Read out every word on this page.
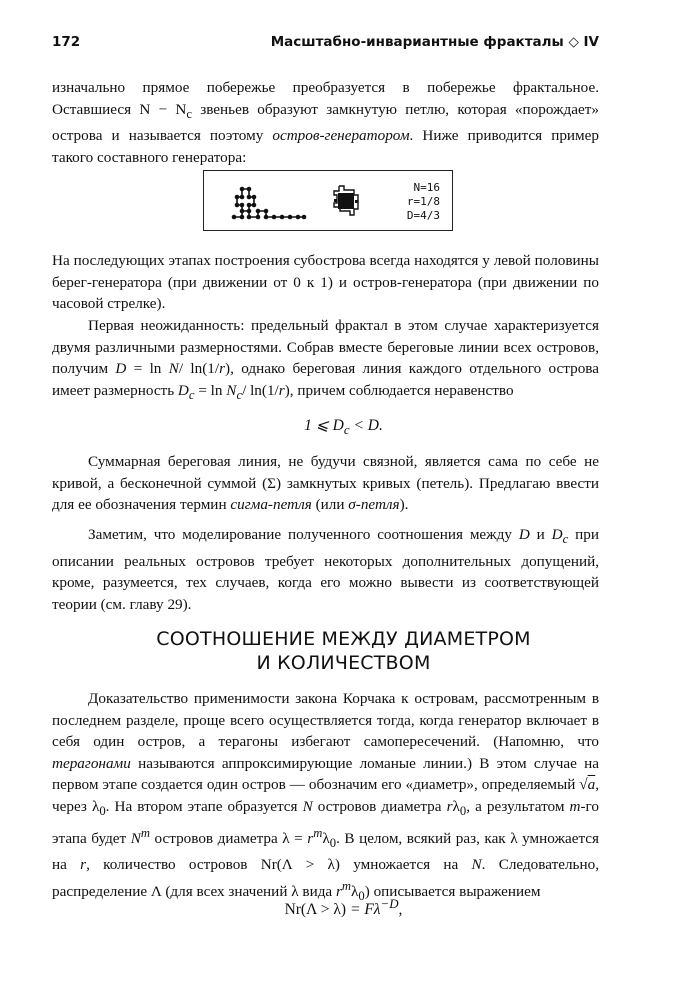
172	Масштабно-инвариантные фракталы ◇ IV

изначально прямое побережье преобразуется в побережье фрактальное. Оставшиеся $N - N_c$ звеньев образуют замкнутую петлю, которая «порождает» острова и называется поэтому остров-генератором. Ниже приводится пример такого составного генератора:

N=16
r=1/8
D=4/3

На последующих этапах построения субострова всегда находятся у левой половины берег-генератора (при движении от 0 к 1) и остров-генератора (при движении по часовой стрелке).

Первая неожиданность: предельный фрактал в этом случае характеризуется двумя различными размерностями. Собрав вместе береговые линии всех островов, получим D = ln N/ ln(1/r), однако береговая линия каждого отдельного острова имеет размерность $D_c = \ln N_c/$ ln(1/r), причем соблюдается неравенство

1 ⩽ $D_c < D$.

Суммарная береговая линия, не будучи связной, является сама по себе не кривой, а бесконечной суммой (Σ) замкнутых кривых (петель). Предлагаю ввести для ее обозначения термин сигма-петля (или σ-петля).

Заметим, что моделирование полученного соотношения между D и $D_c$ при описании реальных островов требует некоторых дополнительных допущений, кроме, разумеется, тех случаев, когда его можно вывести из соответствующей теории (см. главу 29).

СООТНОШЕНИЕ МЕЖДУ ДИАМЕТРОМ
И КОЛИЧЕСТВОМ

Доказательство применимости закона Корчака к островам, рассмотренным в последнем разделе, проще всего осуществляется тогда, когда генератор включает в себя один остров, а терагоны избегают самопересечений. (Напомню, что терагонами называются аппроксимирующие ломаные линии.) В этом случае на первом этапе создается один остров — обозначим его «диаметр», определяемый √a, через $\lambda_0$. На втором этапе образуется N островов диаметра $r\lambda_0$, а результатом m-го этапа будет $N^m$ островов диаметра $\lambda = r^m\lambda_0$. В целом, всякий раз, как λ умножается на r, количество островов Nr(Λ > λ) умножается на N. Следовательно, распределение Λ (для всех значений λ вида $r^m\lambda_0$) описывается выражением

$Nr(\Lambda > \lambda) = F\lambda^{-D}$,
